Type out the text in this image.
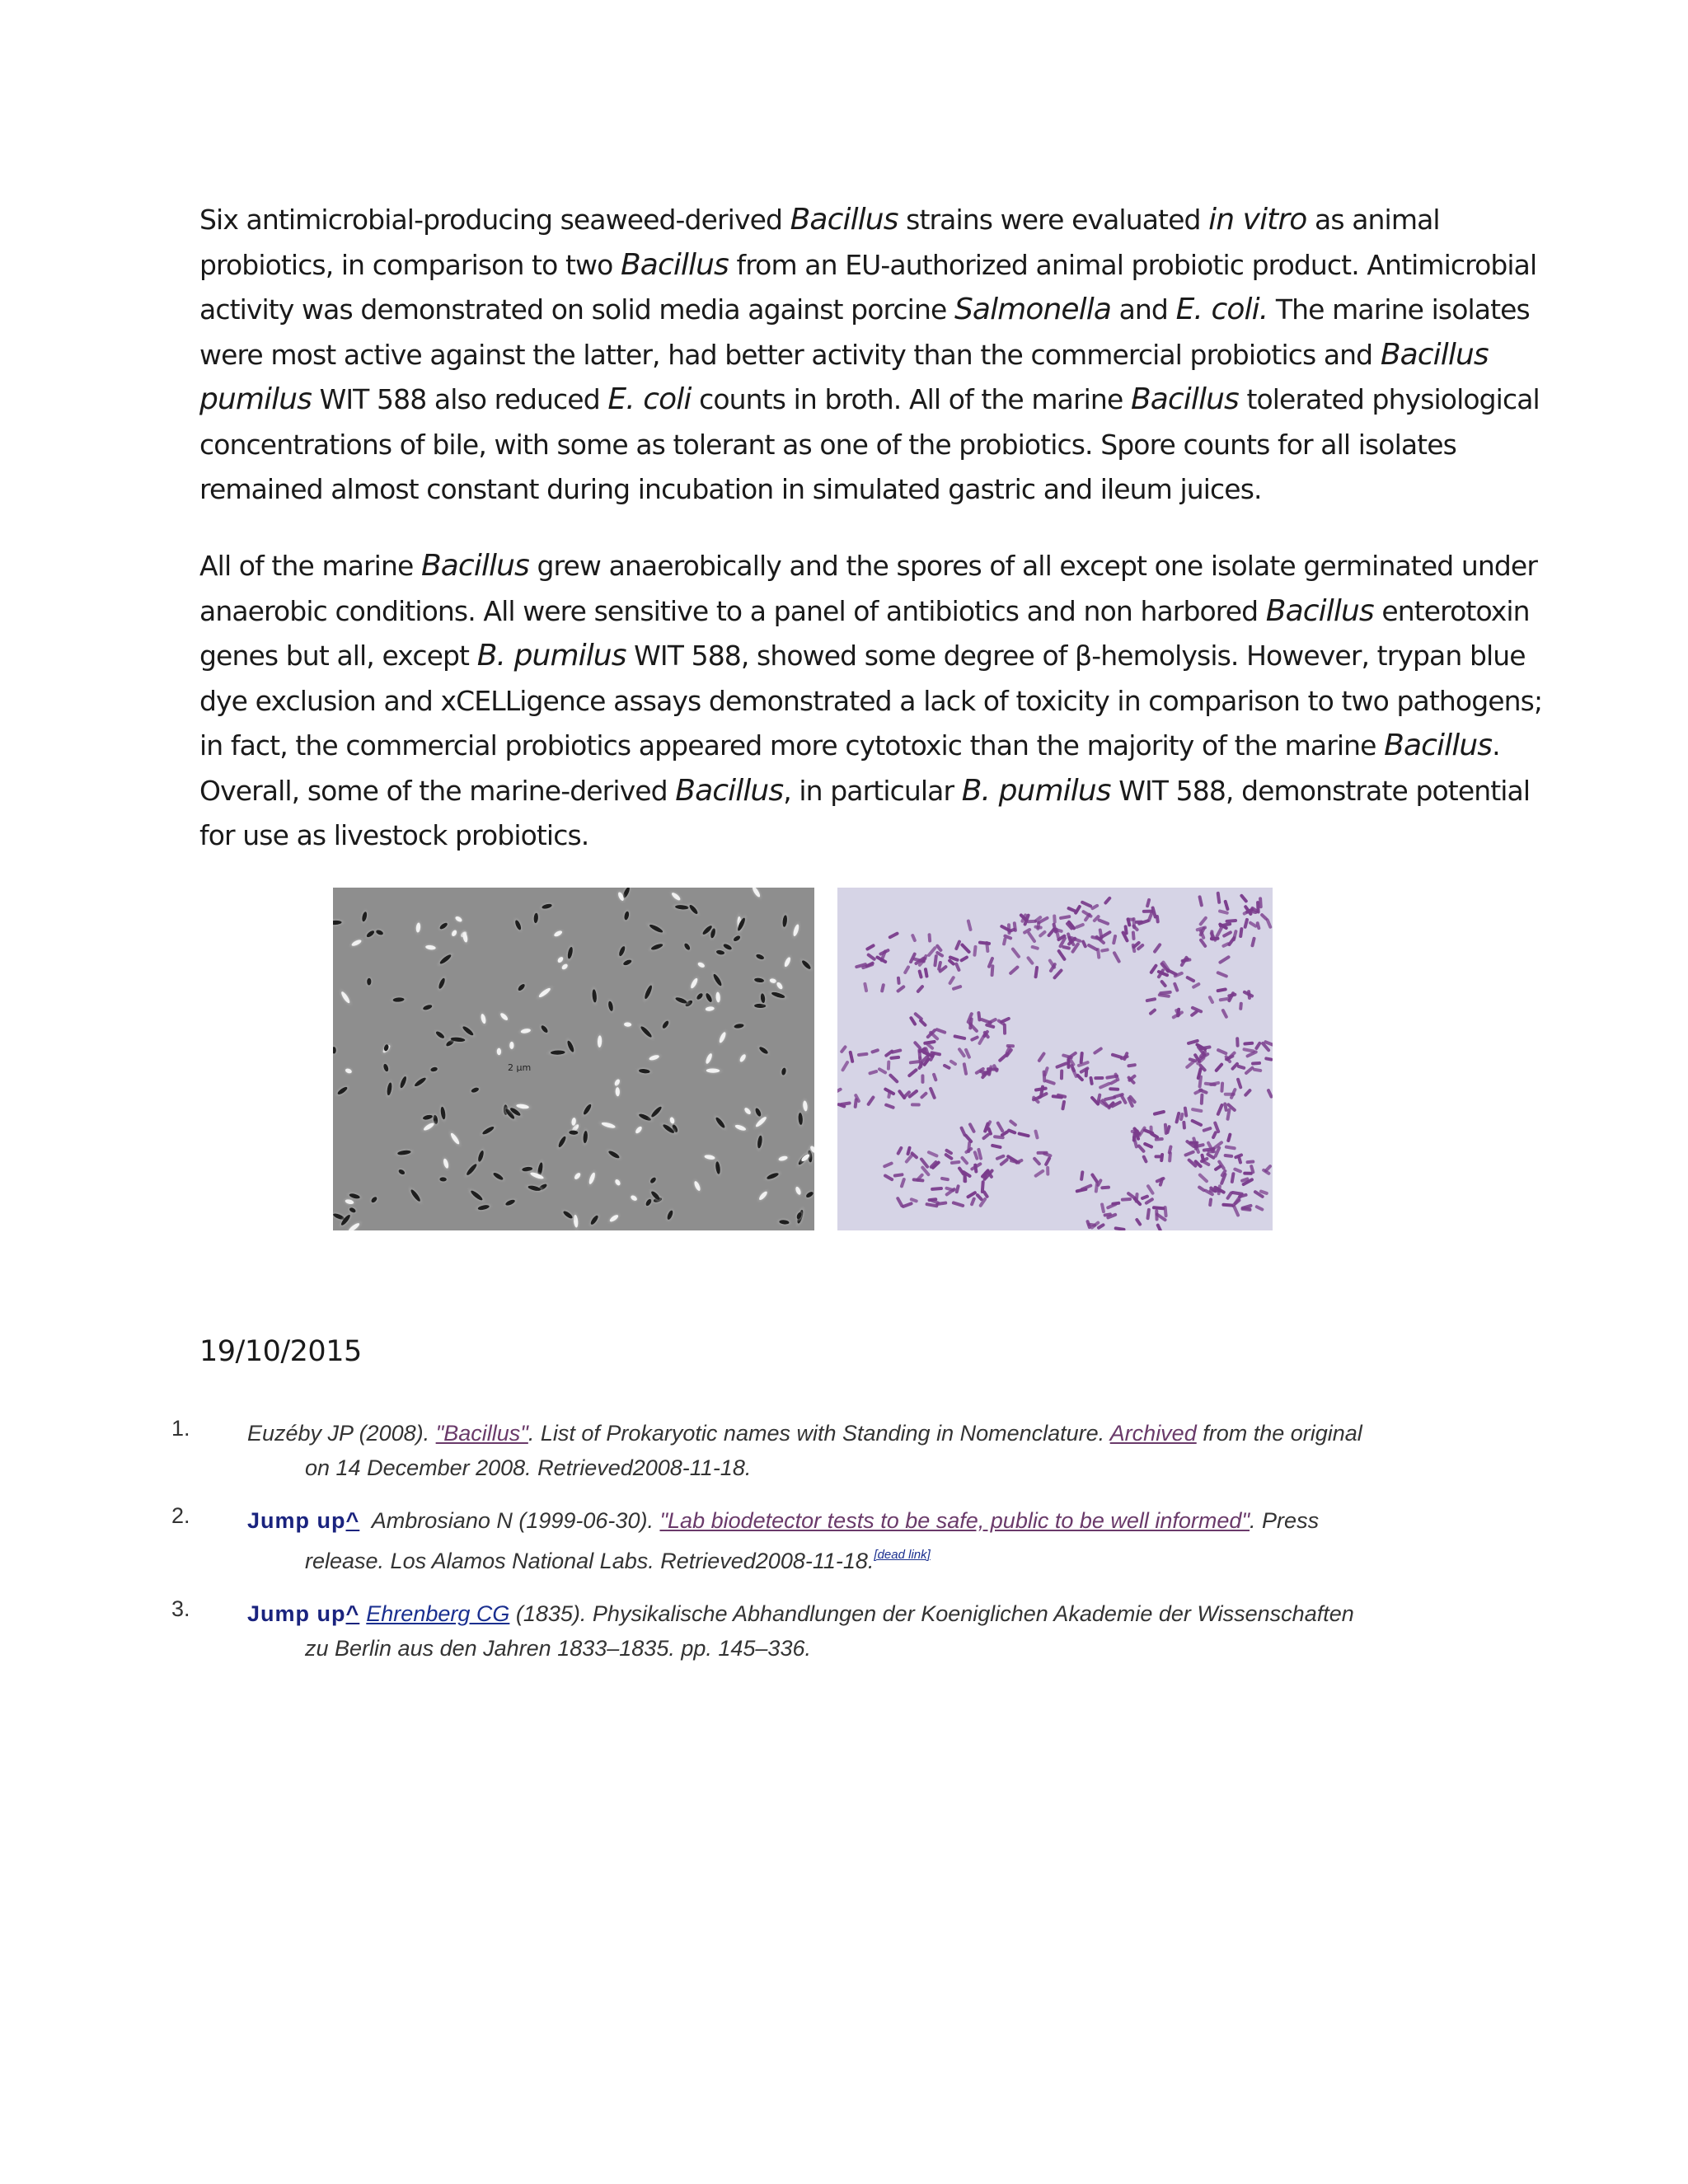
Six antimicrobial-producing seaweed-derived Bacillus strains were evaluated in vitro as animal
probiotics, in comparison to two Bacillus from an EU-authorized animal probiotic product. Antimicrobial
activity was demonstrated on solid media against porcine Salmonella and E. coli. The marine isolates
were most active against the latter, had better activity than the commercial probiotics and Bacillus
pumilus WIT 588 also reduced E. coli counts in broth. All of the marine Bacillus tolerated physiological
concentrations of bile, with some as tolerant as one of the probiotics. Spore counts for all isolates
remained almost constant during incubation in simulated gastric and ileum juices.

All of the marine Bacillus grew anaerobically and the spores of all except one isolate germinated under
anaerobic conditions. All were sensitive to a panel of antibiotics and non harbored Bacillus enterotoxin
genes but all, except B. pumilus WIT 588, showed some degree of β-hemolysis. However, trypan blue
dye exclusion and xCELLigence assays demonstrated a lack of toxicity in comparison to two pathogens;
in fact, the commercial probiotics appeared more cytotoxic than the majority of the marine Bacillus.
Overall, some of the marine-derived Bacillus, in particular B. pumilus WIT 588, demonstrate potential
for use as livestock probiotics.

2 µm
19/10/2015
1.	Euzéby JP (2008). "Bacillus". List of Prokaryotic names with Standing in Nomenclature. Archived from the original
on 14 December 2008. Retrieved2008-11-18.
2.	Jump up^ Ambrosiano N (1999-06-30). "Lab biodetector tests to be safe, public to be well informed". Press
release. Los Alamos National Labs. Retrieved2008-11-18.[dead link]
3.	Jump up^ Ehrenberg CG (1835). Physikalische Abhandlungen der Koeniglichen Akademie der Wissenschaften
zu Berlin aus den Jahren 1833–1835. pp. 145–336.
